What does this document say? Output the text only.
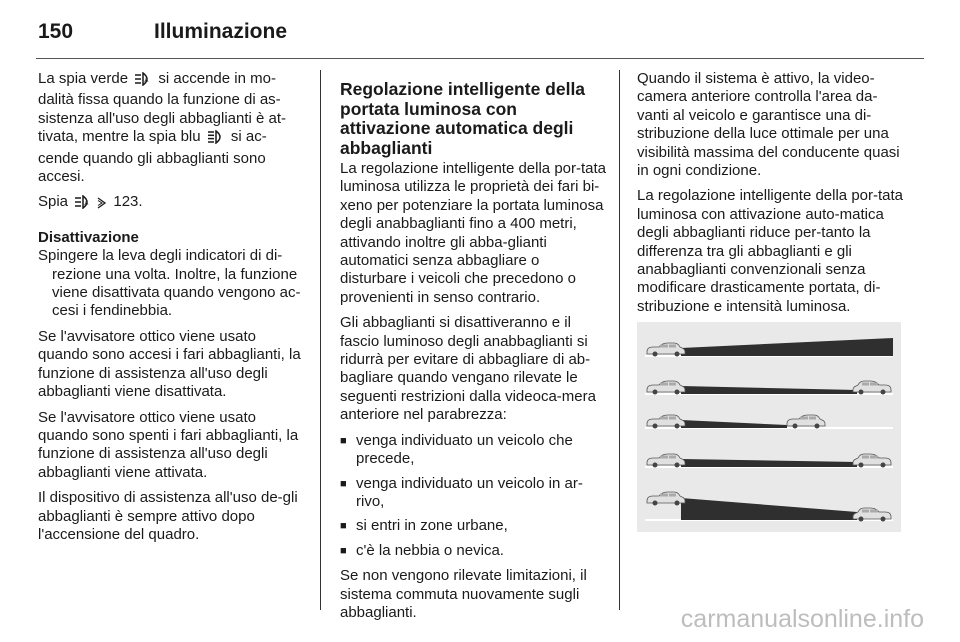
150	Illuminazione

La spia verde A si accende in mo-dalità fissa quando la funzione di as-sistenza all'uso degli abbaglianti è at-tivata, mentre la spia blu  si ac-cende quando gli abbaglianti sono accesi.

Spia A 123.

Disattivazione

Spingere la leva degli indicatori di di-rezione una volta. Inoltre, la funzione viene disattivata quando vengono ac-cesi i fendinebbia.

Se l'avvisatore ottico viene usato quando sono accesi i fari abbaglianti, la funzione di assistenza all'uso degli abbaglianti viene disattivata.

Se l'avvisatore ottico viene usato quando sono spenti i fari abbaglianti, la funzione di assistenza all'uso degli abbaglianti viene attivata.

Il dispositivo di assistenza all'uso de-gli abbaglianti è sempre attivo dopo l'accensione del quadro.

Regolazione intelligente della portata luminosa con attivazione automatica degli abbaglianti

La regolazione intelligente della por-tata luminosa utilizza le proprietà dei fari bi-xeno per potenziare la portata luminosa degli anabbaglianti fino a 400 metri, attivando inoltre gli abba-glianti automatici senza abbagliare o disturbare i veicoli che precedono o provenienti in senso contrario.

Gli abbaglianti si disattiveranno e il fascio luminoso degli anabbaglianti si ridurrà per evitare di abbagliare di ab-bagliare quando vengano rilevate le seguenti restrizioni dalla videoca-mera anteriore nel parabrezza:

■ venga individuato un veicolo che precede,
■ venga individuato un veicolo in ar-rivo,
■ si entri in zone urbane,
■ c'è la nebbia o nevica.

Se non vengono rilevate limitazioni, il sistema commuta nuovamente sugli abbaglianti.

Quando il sistema è attivo, la video-camera anteriore controlla l'area da-vanti al veicolo e garantisce una di-stribuzione della luce ottimale per una visibilità massima del conducente quasi in ogni condizione.

La regolazione intelligente della por-tata luminosa con attivazione auto-matica degli abbaglianti riduce per-tanto la differenza tra gli abbaglianti e gli anabbaglianti convenzionali senza modificare drasticamente portata, di-stribuzione e intensità luminosa.

carmanualsonline.info
